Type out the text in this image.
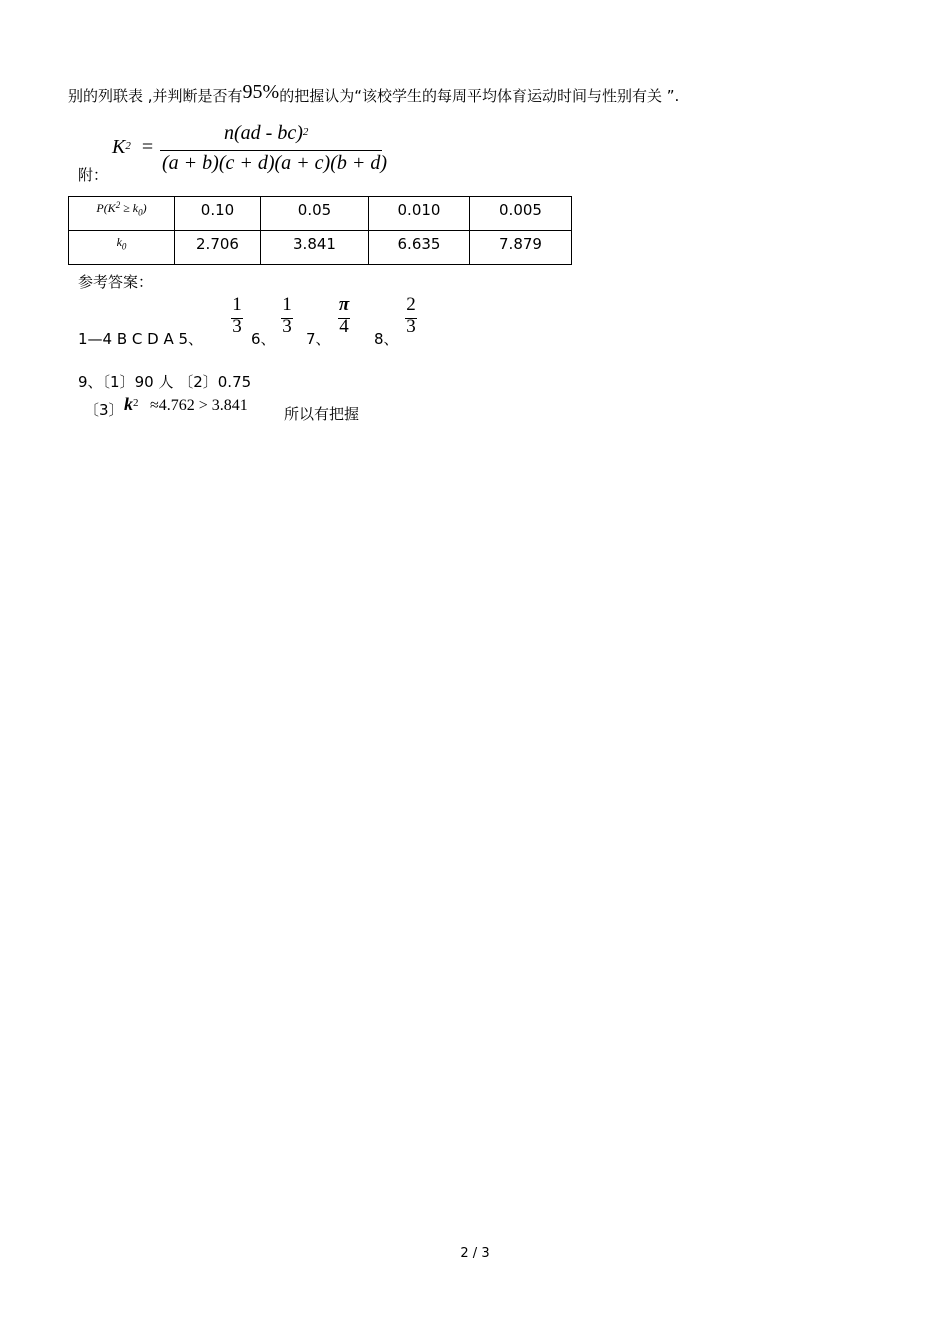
别的列联表 ,并判断是否有95%的把握认为“该校学生的每周平均体育运动时间与性别有关 ”.
$K^2$ =
n(ad - bc)$^2$
(a + b)(c + d)(a + c)(b + d)
附：
$P(K^2 \ge k_0)$	0.10	0.05	0.010	0.005
$k_0$	2.706	3.841	6.635	7.879
参考答案：
1—4 B C D A 5、	6、 7、	8、
1
3
1
3
π
4
2
3
9、〔1〕90 人 〔2〕0.75
〔3〕 $k^2 \approx 4.762 > 3.841$ 所以有把握
2 / 3
